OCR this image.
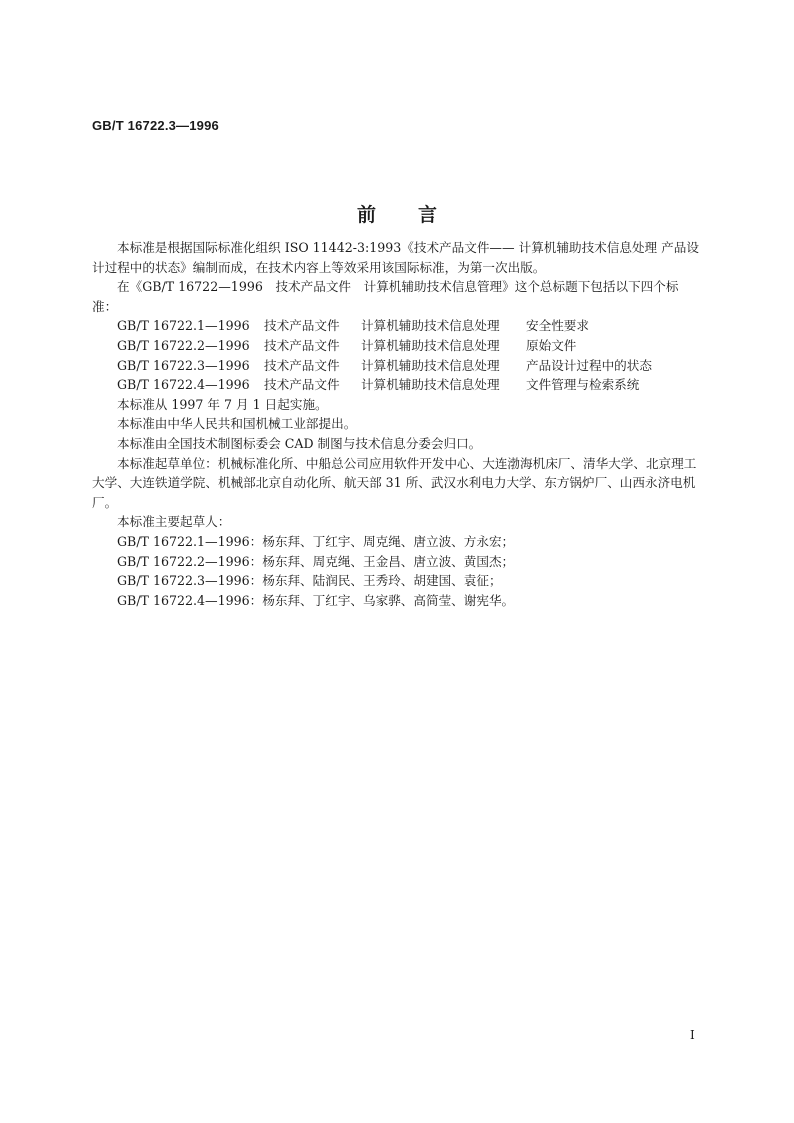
GB/T 16722.3—1996
前 言

本标准是根据国际标准化组织 ISO 11442-3:1993《技术产品文件—— 计算机辅助技术信息处理 产品设计过程中的状态》编制而成，在技术内容上等效采用该国际标准，为第一次出版。

在《GB/T 16722—1996　技术产品文件　计算机辅助技术信息管理》这个总标题下包括以下四个标准：

GB/T 16722.1—1996 技术产品文件 计算机辅助技术信息处理 安全性要求
GB/T 16722.2—1996 技术产品文件 计算机辅助技术信息处理 原始文件
GB/T 16722.3—1996 技术产品文件 计算机辅助技术信息处理 产品设计过程中的状态
GB/T 16722.4—1996 技术产品文件 计算机辅助技术信息处理 文件管理与检索系统

本标准从 1997 年 7 月 1 日起实施。

本标准由中华人民共和国机械工业部提出。

本标准由全国技术制图标委会 CAD 制图与技术信息分委会归口。

本标准起草单位：机械标准化所、中船总公司应用软件开发中心、大连渤海机床厂、清华大学、北京理工大学、大连铁道学院、机械部北京自动化所、航天部 31 所、武汉水利电力大学、东方锅炉厂、山西永济电机厂。

本标准主要起草人：

GB/T 16722.1—1996：杨东拜、丁红宇、周克绳、唐立波、方永宏；

GB/T 16722.2—1996：杨东拜、周克绳、王金昌、唐立波、黄国杰；

GB/T 16722.3—1996：杨东拜、陆润民、王秀玲、胡建国、袁征；

GB/T 16722.4—1996：杨东拜、丁红宇、乌家骅、高简莹、谢宪华。

I
